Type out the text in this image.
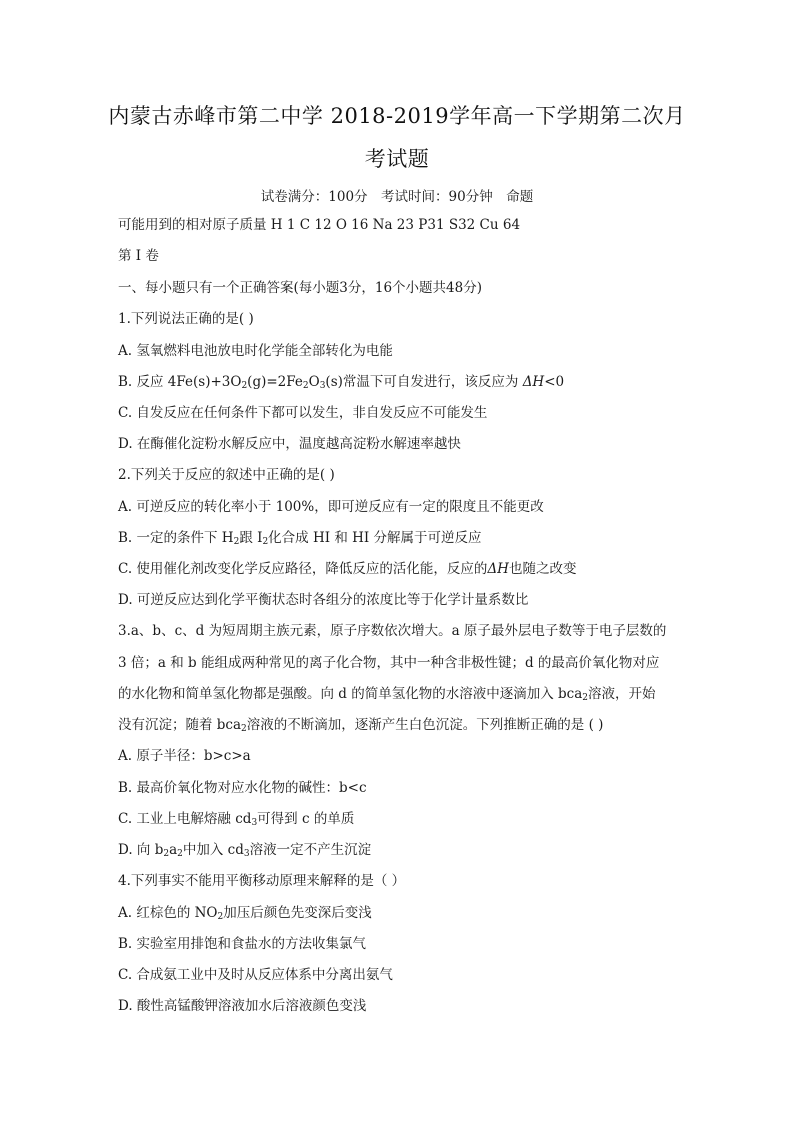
内蒙古赤峰市第二中学 2018-2019学年高一下学期第二次月
考试题
试卷满分：100分　考试时间：90分钟　命题
可能用到的相对原子质量 H 1 C 12 O 16 Na 23 P31 S32 Cu 64
第 I 卷
一、每小题只有一个正确答案(每小题3分，16个小题共48分)
1.下列说法正确的是( )
A. 氢氧燃料电池放电时化学能全部转化为电能
B. 反应 $4Fe(s)+3O_2(g)=2Fe_2O_3(s)$常温下可自发进行，该反应为 ΔH<0
C. 自发反应在任何条件下都可以发生，非自发反应不可能发生
D. 在酶催化淀粉水解反应中，温度越高淀粉水解速率越快
2.下列关于反应的叙述中正确的是( )
A. 可逆反应的转化率小于 100%，即可逆反应有一定的限度且不能更改
B. 一定的条件下 $H_2$跟 $I_2$化合成 HI 和 HI 分解属于可逆反应
C. 使用催化剂改变化学反应路径，降低反应的活化能，反应的ΔH也随之改变
D. 可逆反应达到化学平衡状态时各组分的浓度比等于化学计量系数比
3.a、b、c、d 为短周期主族元素，原子序数依次增大。a 原子最外层电子数等于电子层数的
3 倍；a 和 b 能组成两种常见的离子化合物，其中一种含非极性键；d 的最高价氧化物对应
的水化物和简单氢化物都是强酸。向 d 的简单氢化物的水溶液中逐滴加入 bca$_2$溶液，开始
没有沉淀；随着 bca$_2$溶液的不断滴加，逐渐产生白色沉淀。下列推断正确的是 ( )
A. 原子半径：b>c>a
B. 最高价氧化物对应水化物的碱性：b<c
C. 工业上电解熔融 $cd_3$可得到 c 的单质
D. 向 $b_2a_2$中加入 $cd_3$溶液一定不产生沉淀
4.下列事实不能用平衡移动原理来解释的是（ ）
A. 红棕色的 $NO_2$加压后颜色先变深后变浅
B. 实验室用排饱和食盐水的方法收集氯气
C. 合成氨工业中及时从反应体系中分离出氨气
D. 酸性高锰酸钾溶液加水后溶液颜色变浅
